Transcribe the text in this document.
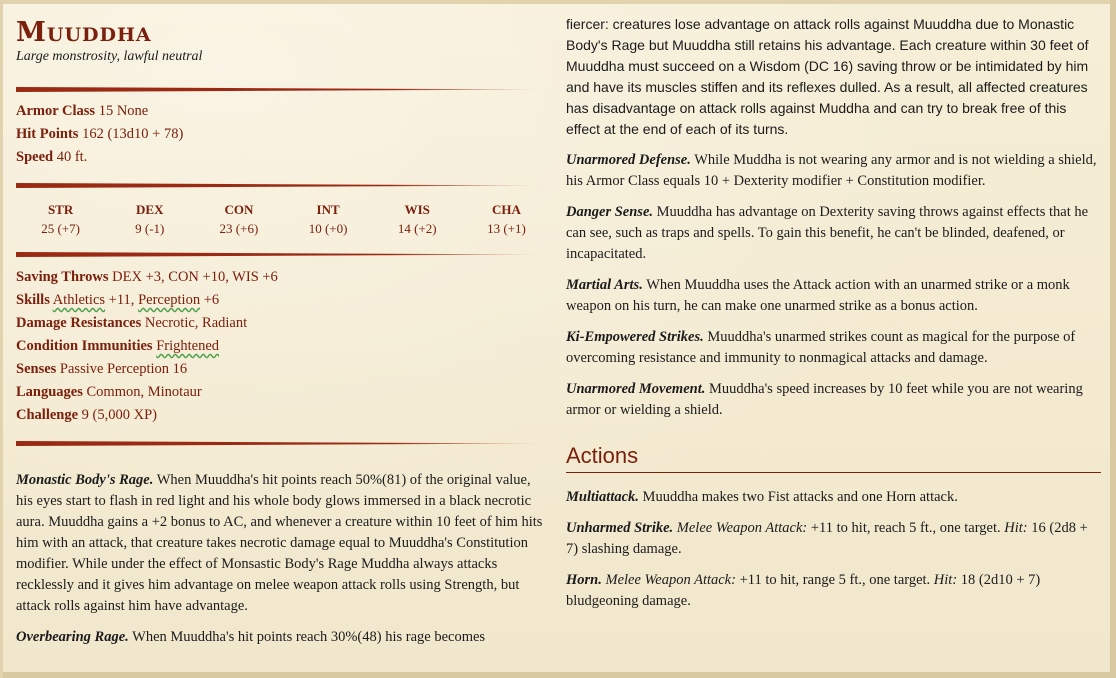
Muuddha
Large monstrosity, lawful neutral
Armor Class 15 None
Hit Points 162 (13d10 + 78)
Speed 40 ft.
STR
25 (+7)
DEX
9 (-1)
CON
23 (+6)
INT
10 (+0)
WIS
14 (+2)
CHA
13 (+1)
Saving Throws DEX +3, CON +10, WIS +6
Skills Athletics +11, Perception +6
Damage Resistances Necrotic, Radiant
Condition Immunities Frightened
Senses Passive Perception 16
Languages Common, Minotaur
Challenge 9 (5,000 XP)

Monastic Body's Rage. When Muuddha's hit points reach 50%(81) of the original value, his eyes start to flash in red light and his whole body glows immersed in a black necrotic aura. Muuddha gains a +2 bonus to AC, and whenever a creature within 10 feet of him hits him with an attack, that creature takes necrotic damage equal to Muuddha's Constitution modifier. While under the effect of Monsastic Body's Rage Muddha always attacks recklessly and it gives him advantage on melee weapon attack rolls using Strength, but attack rolls against him have advantage.

Overbearing Rage. When Muuddha's hit points reach 30%(48) his rage becomes

fiercer: creatures lose advantage on attack rolls against Muuddha due to Monastic Body's Rage but Muuddha still retains his advantage. Each creature within 30 feet of Muuddha must succeed on a Wisdom (DC 16) saving throw or be intimidated by him and have its muscles stiffen and its reflexes dulled. As a result, all affected creatures has disadvantage on attack rolls against Muddha and can try to break free of this effect at the end of each of its turns.

Unarmored Defense. While Muddha is not wearing any armor and is not wielding a shield, his Armor Class equals 10 + Dexterity modifier + Constitution modifier.

Danger Sense. Muuddha has advantage on Dexterity saving throws against effects that he can see, such as traps and spells. To gain this benefit, he can't be blinded, deafened, or incapacitated.

Martial Arts. When Muuddha uses the Attack action with an unarmed strike or a monk weapon on his turn, he can make one unarmed strike as a bonus action.

Ki-Empowered Strikes. Muuddha's unarmed strikes count as magical for the purpose of overcoming resistance and immunity to nonmagical attacks and damage.

Unarmored Movement. Muuddha's speed increases by 10 feet while you are not wearing armor or wielding a shield.

Actions

Multiattack. Muuddha makes two Fist attacks and one Horn attack.

Unharmed Strike. Melee Weapon Attack: +11 to hit, reach 5 ft., one target. Hit: 16 (2d8 + 7) slashing damage.

Horn. Melee Weapon Attack: +11 to hit, range 5 ft., one target. Hit: 18 (2d10 + 7) bludgeoning damage.
